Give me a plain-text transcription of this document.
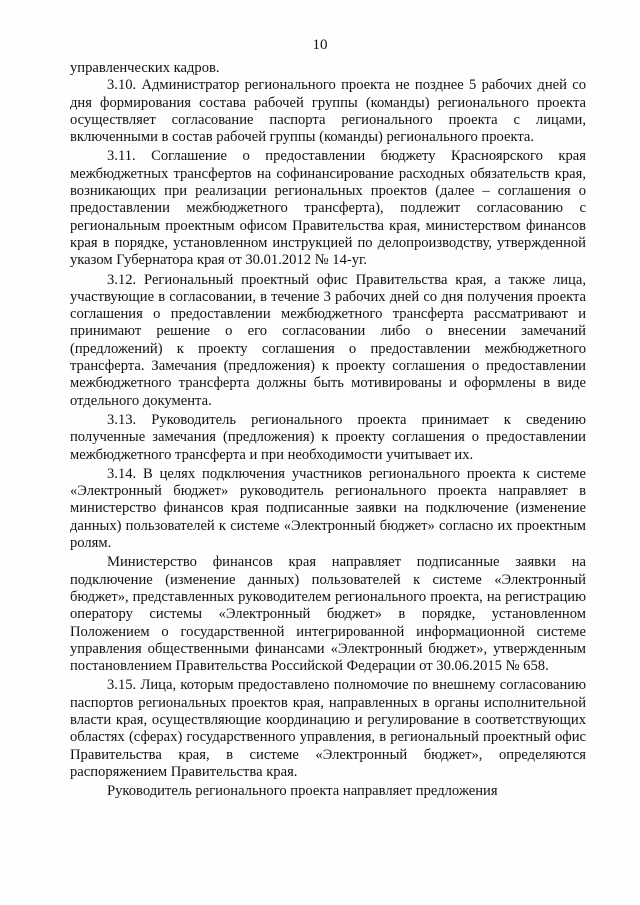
10

управленческих кадров.

3.10. Администратор регионального проекта не позднее 5 рабочих дней со дня формирования состава рабочей группы (команды) регионального проекта осуществляет согласование паспорта регионального проекта с лицами, включенными в состав рабочей группы (команды) регионального проекта.

3.11. Соглашение о предоставлении бюджету Красноярского края межбюджетных трансфертов на софинансирование расходных обязательств края, возникающих при реализации региональных проектов (далее – соглашения о предоставлении межбюджетного трансферта), подлежит согласованию с региональным проектным офисом Правительства края, министерством финансов края в порядке, установленном инструкцией по делопроизводству, утвержденной указом Губернатора края от 30.01.2012 № 14-уг.

3.12. Региональный проектный офис Правительства края, а также лица, участвующие в согласовании, в течение 3 рабочих дней со дня получения проекта соглашения о предоставлении межбюджетного трансферта рассматривают и принимают решение о его согласовании либо о внесении замечаний (предложений) к проекту соглашения о предоставлении межбюджетного трансферта. Замечания (предложения) к проекту соглашения о предоставлении межбюджетного трансферта должны быть мотивированы и оформлены в виде отдельного документа.

3.13. Руководитель регионального проекта принимает к сведению полученные замечания (предложения) к проекту соглашения о предоставлении межбюджетного трансферта и при необходимости учитывает их.

3.14. В целях подключения участников регионального проекта к системе «Электронный бюджет» руководитель регионального проекта направляет в министерство финансов края подписанные заявки на подключение (изменение данных) пользователей к системе «Электронный бюджет» согласно их проектным ролям.

Министерство финансов края направляет подписанные заявки на подключение (изменение данных) пользователей к системе «Электронный бюджет», представленных руководителем регионального проекта, на регистрацию оператору системы «Электронный бюджет» в порядке, установленном Положением о государственной интегрированной информационной системе управления общественными финансами «Электронный бюджет», утвержденным постановлением Правительства Российской Федерации от 30.06.2015 № 658.

3.15. Лица, которым предоставлено полномочие по внешнему согласованию паспортов региональных проектов края, направленных в органы исполнительной власти края, осуществляющие координацию и регулирование в соответствующих областях (сферах) государственного управления, в региональный проектный офис Правительства края, в системе «Электронный бюджет», определяются распоряжением Правительства края.

Руководитель регионального проекта направляет предложения
